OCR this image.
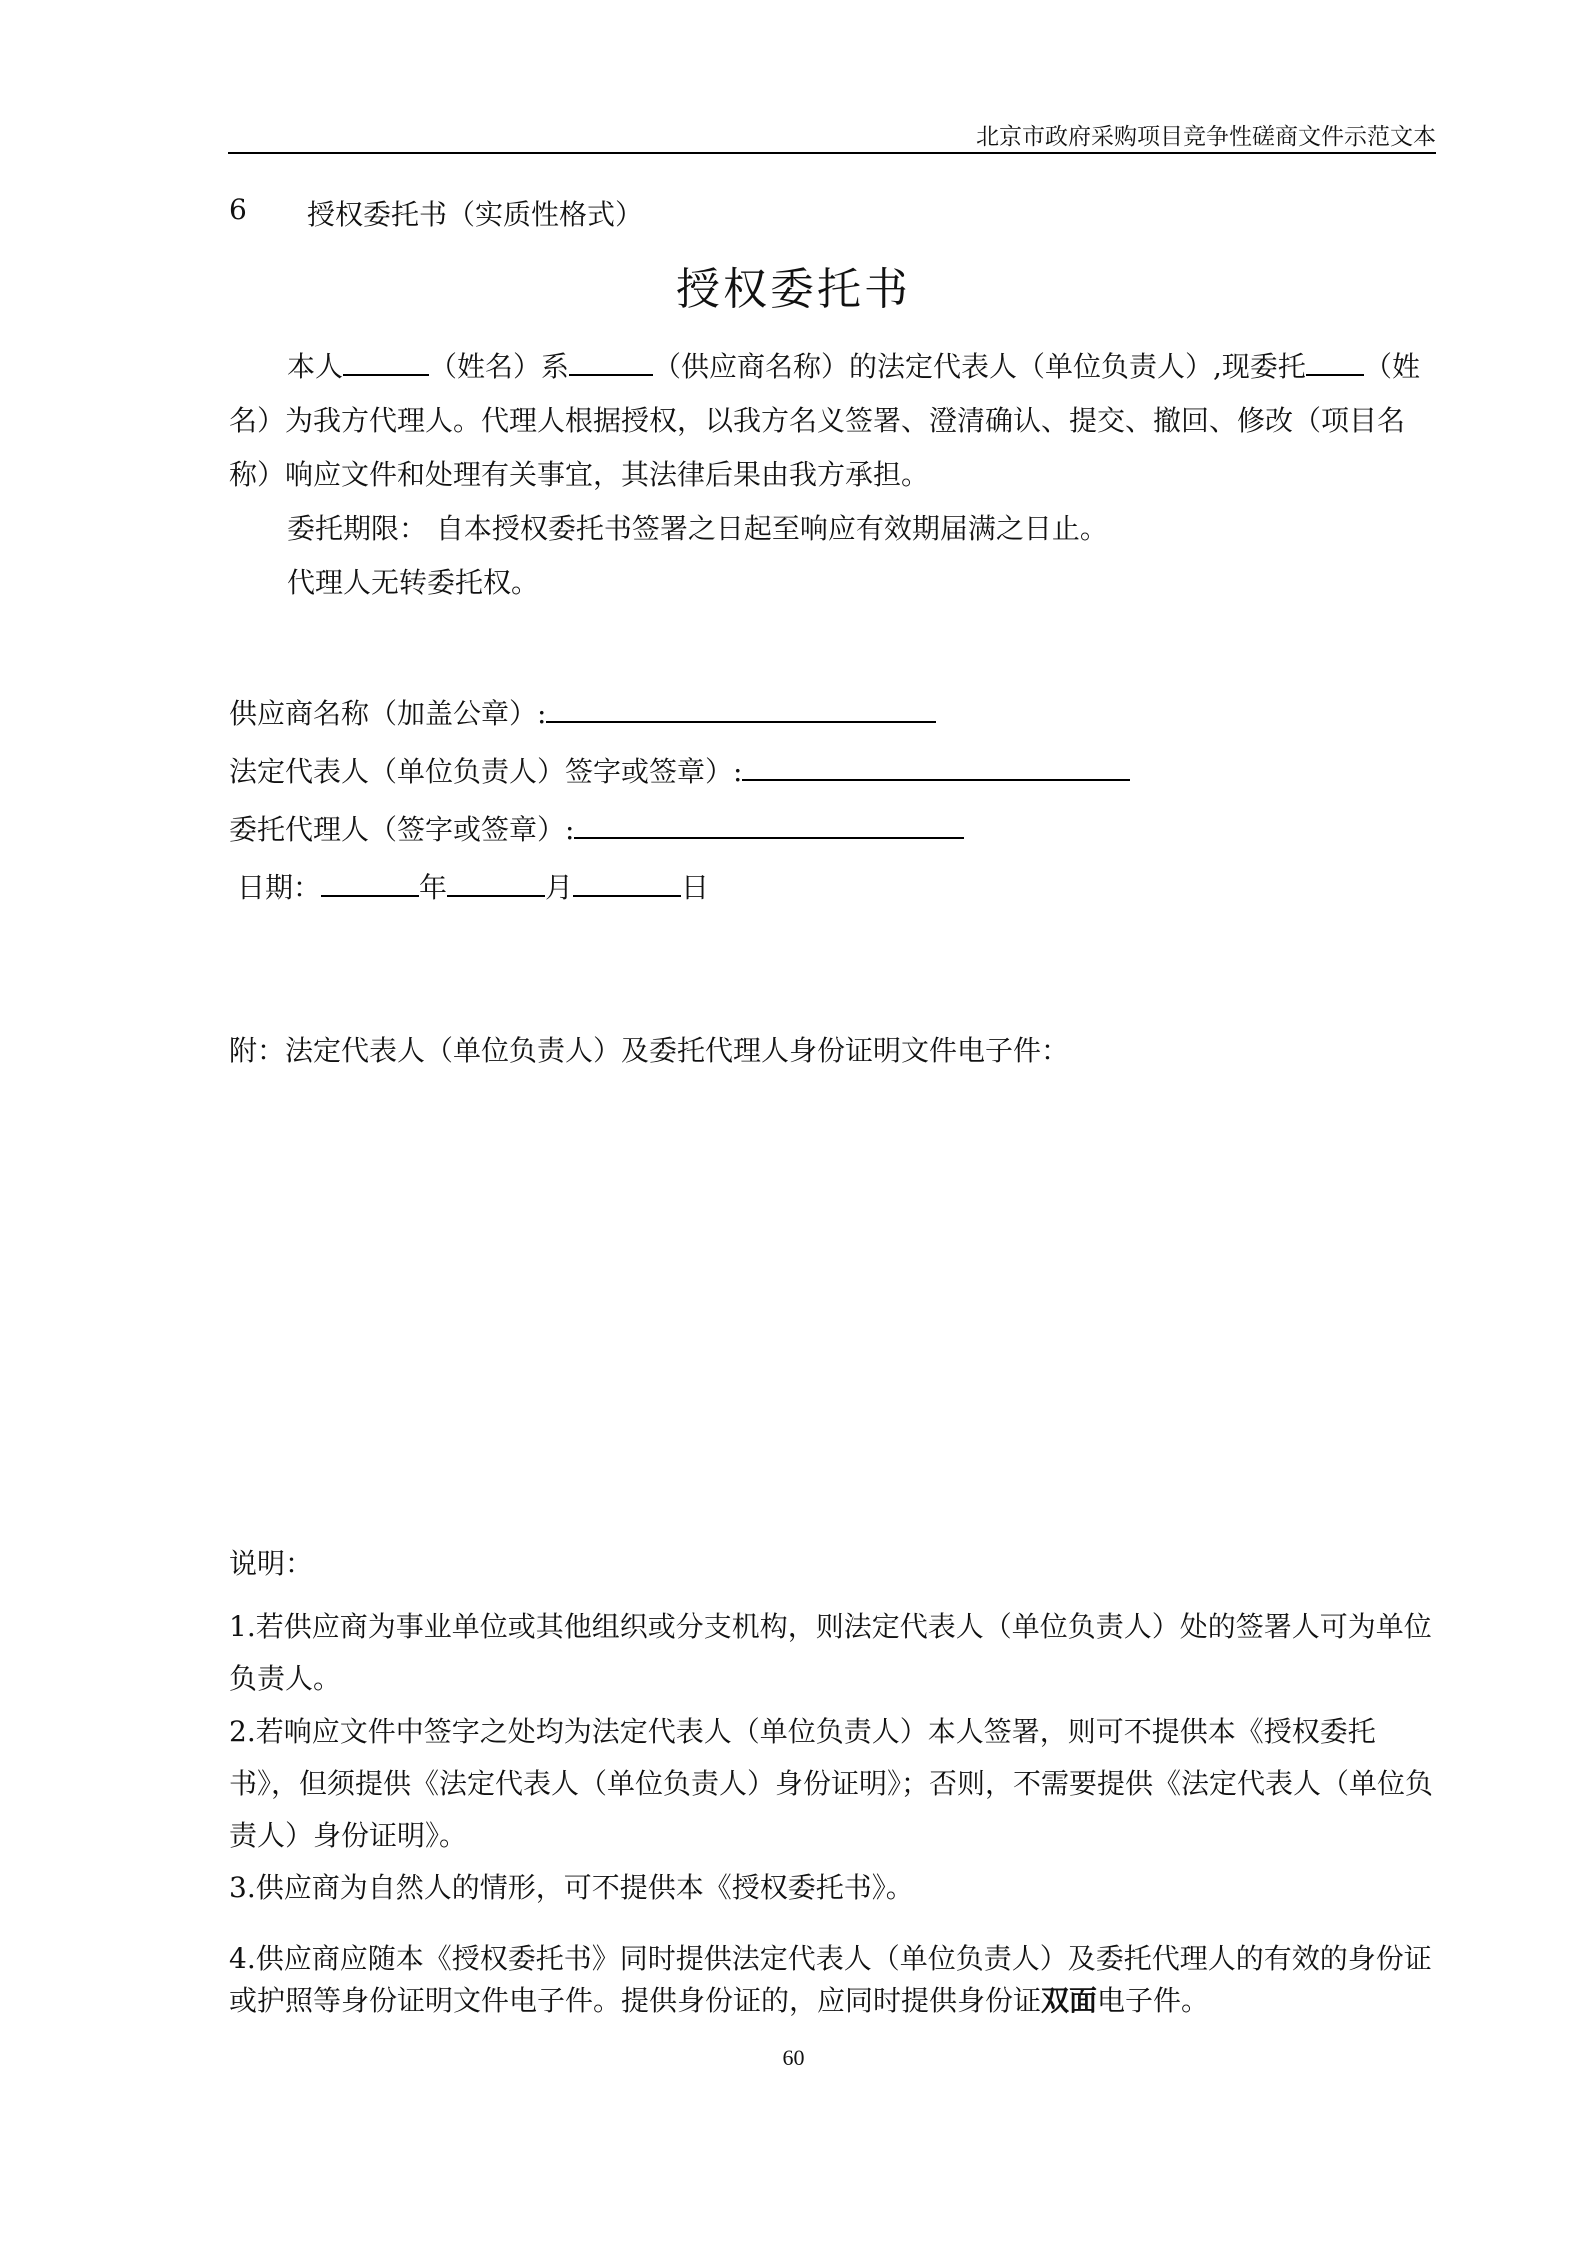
北京市政府采购项目竞争性磋商文件示范文本
6 授权委托书（实质性格式）
授权委托书
本人	（姓名）系	（供应商名称）的法定代表人（单位负责人）,现委托 （姓名）为我方代理人。代理人根据授权，以我方名义签署、澄清确认、提交、撤回、修改（项目名称）响应文件和处理有关事宜，其法律后果由我方承担。
委托期限： 自本授权委托书签署之日起至响应有效期届满之日止。
代理人无转委托权。
供应商名称（加盖公章）:
法定代表人（单位负责人）签字或签章）:
委托代理人（签字或签章）:
日期：	年	月	日
附：法定代表人（单位负责人）及委托代理人身份证明文件电子件：
说明：
1.若供应商为事业单位或其他组织或分支机构，则法定代表人（单位负责人）处的签署人可为单位负责人。
2.若响应文件中签字之处均为法定代表人（单位负责人）本人签署，则可不提供本《授权委托书》，但须提供《法定代表人（单位负责人）身份证明》；否则，不需要提供《法定代表人（单位负责人）身份证明》。
3.供应商为自然人的情形，可不提供本《授权委托书》。
4.供应商应随本《授权委托书》同时提供法定代表人（单位负责人）及委托代理人的有效的身份证或护照等身份证明文件电子件。提供身份证的，应同时提供身份证双面电子件。
60
